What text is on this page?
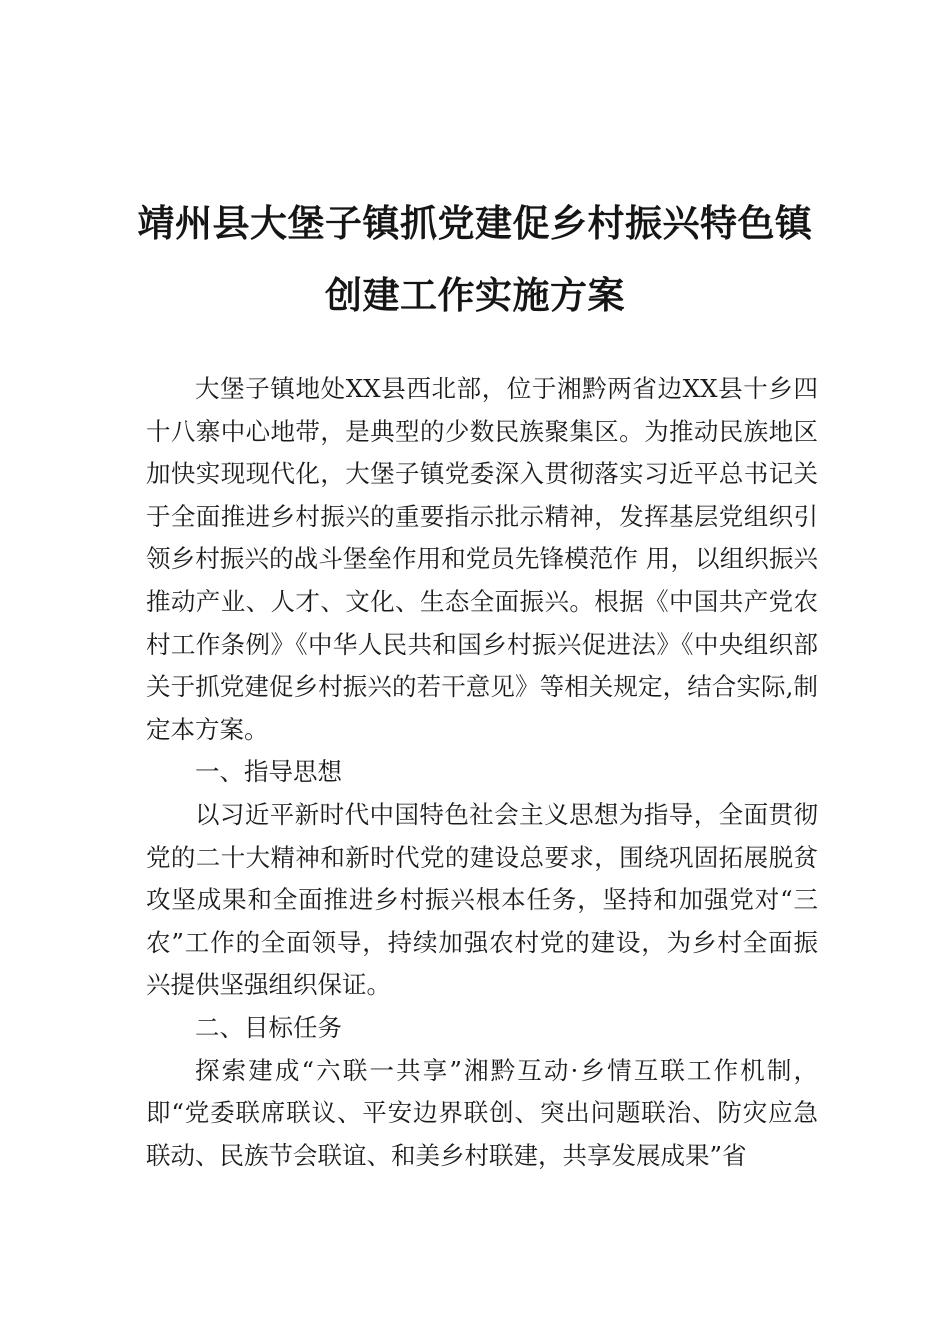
靖州县大堡子镇抓党建促乡村振兴特色镇
创建工作实施方案

大堡子镇地处XX县西北部，位于湘黔两省边XX县十乡四十八寨中心地带，是典型的少数民族聚集区。为推动民族地区加快实现现代化，大堡子镇党委深入贯彻落实习近平总书记关于全面推进乡村振兴的重要指示批示精神，发挥基层党组织引领乡村振兴的战斗堡垒作用和党员先锋模范作 用，以组织振兴推动产业、人才、文化、生态全面振兴。根据《中国共产党农村工作条例》《中华人民共和国乡村振兴促进法》《中央组织部关于抓党建促乡村振兴的若干意见》等相关规定，结合实际,制定本方案。

一、指导思想

以习近平新时代中国特色社会主义思想为指导，全面贯彻党的二十大精神和新时代党的建设总要求，围绕巩固拓展脱贫攻坚成果和全面推进乡村振兴根本任务，坚持和加强党对“三农”工作的全面领导，持续加强农村党的建设，为乡村全面振兴提供坚强组织保证。

二、目标任务

探索建成“六联一共享”湘黔互动·乡情互联工作机制， 即“党委联席联议、平安边界联创、突出问题联治、防灾应急联动、民族节会联谊、和美乡村联建，共享发展成果”省
